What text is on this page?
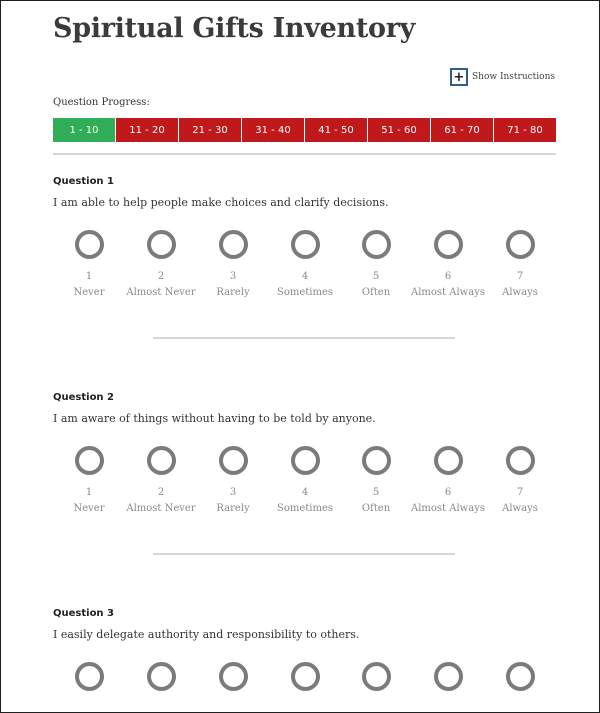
Spiritual Gifts Inventory
+ Show Instructions
Question Progress:
1 - 10	11 - 20	21 - 30	31 - 40	41 - 50	51 - 60	61 - 70	71 - 80
Question 1
I am able to help people make choices and clarify decisions.
1
Never
2
Almost Never
3
Rarely
4
Sometimes
5
Often
6
Almost Always
7
Always
Question 2
I am aware of things without having to be told by anyone.
1
Never
2
Almost Never
3
Rarely
4
Sometimes
5
Often
6
Almost Always
7
Always
Question 3
I easily delegate authority and responsibility to others.
